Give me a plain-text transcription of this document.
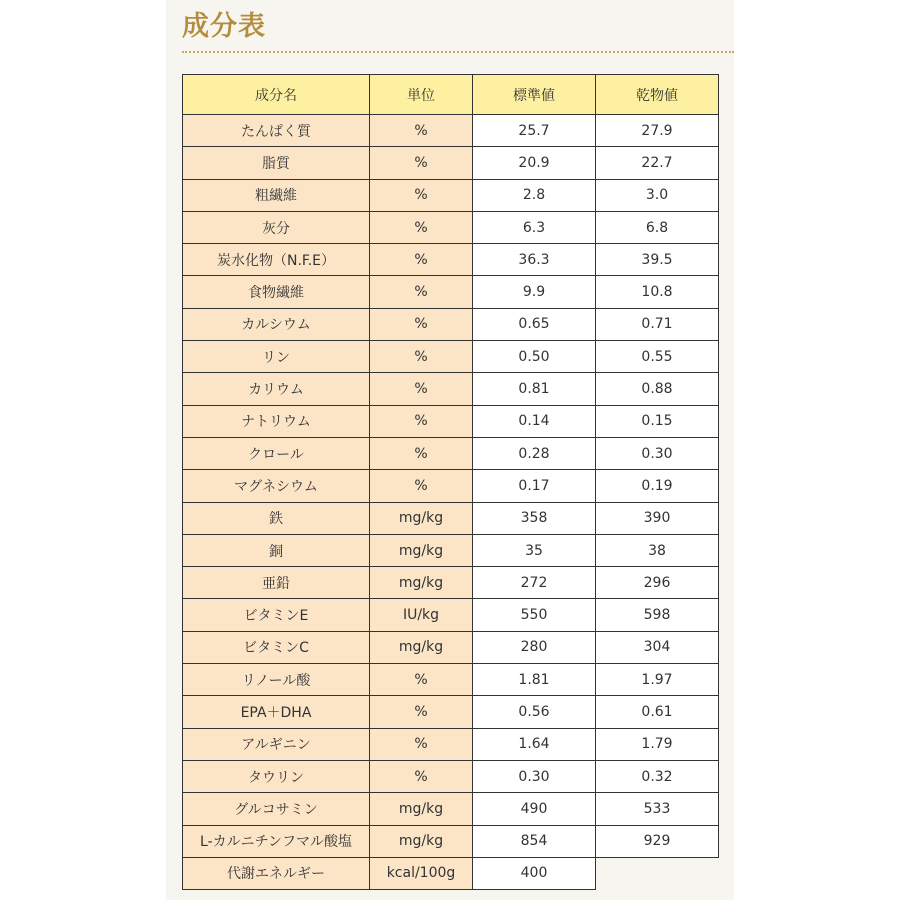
成分表
成分名	単位	標準値	乾物値
たんぱく質	%	25.7	27.9
脂質	%	20.9	22.7
粗繊維	%	2.8	3.0
灰分	%	6.3	6.8
炭水化物（N.F.E）	%	36.3	39.5
食物繊維	%	9.9	10.8
カルシウム	%	0.65	0.71
リン	%	0.50	0.55
カリウム	%	0.81	0.88
ナトリウム	%	0.14	0.15
クロール	%	0.28	0.30
マグネシウム	%	0.17	0.19
鉄	mg/kg	358	390
銅	mg/kg	35	38
亜鉛	mg/kg	272	296
ビタミンE	IU/kg	550	598
ビタミンC	mg/kg	280	304
リノール酸	%	1.81	1.97
EPA＋DHA	%	0.56	0.61
アルギニン	%	1.64	1.79
タウリン	%	0.30	0.32
グルコサミン	mg/kg	490	533
L-カルニチンフマル酸塩	mg/kg	854	929
代謝エネルギー	kcal/100g	400	
